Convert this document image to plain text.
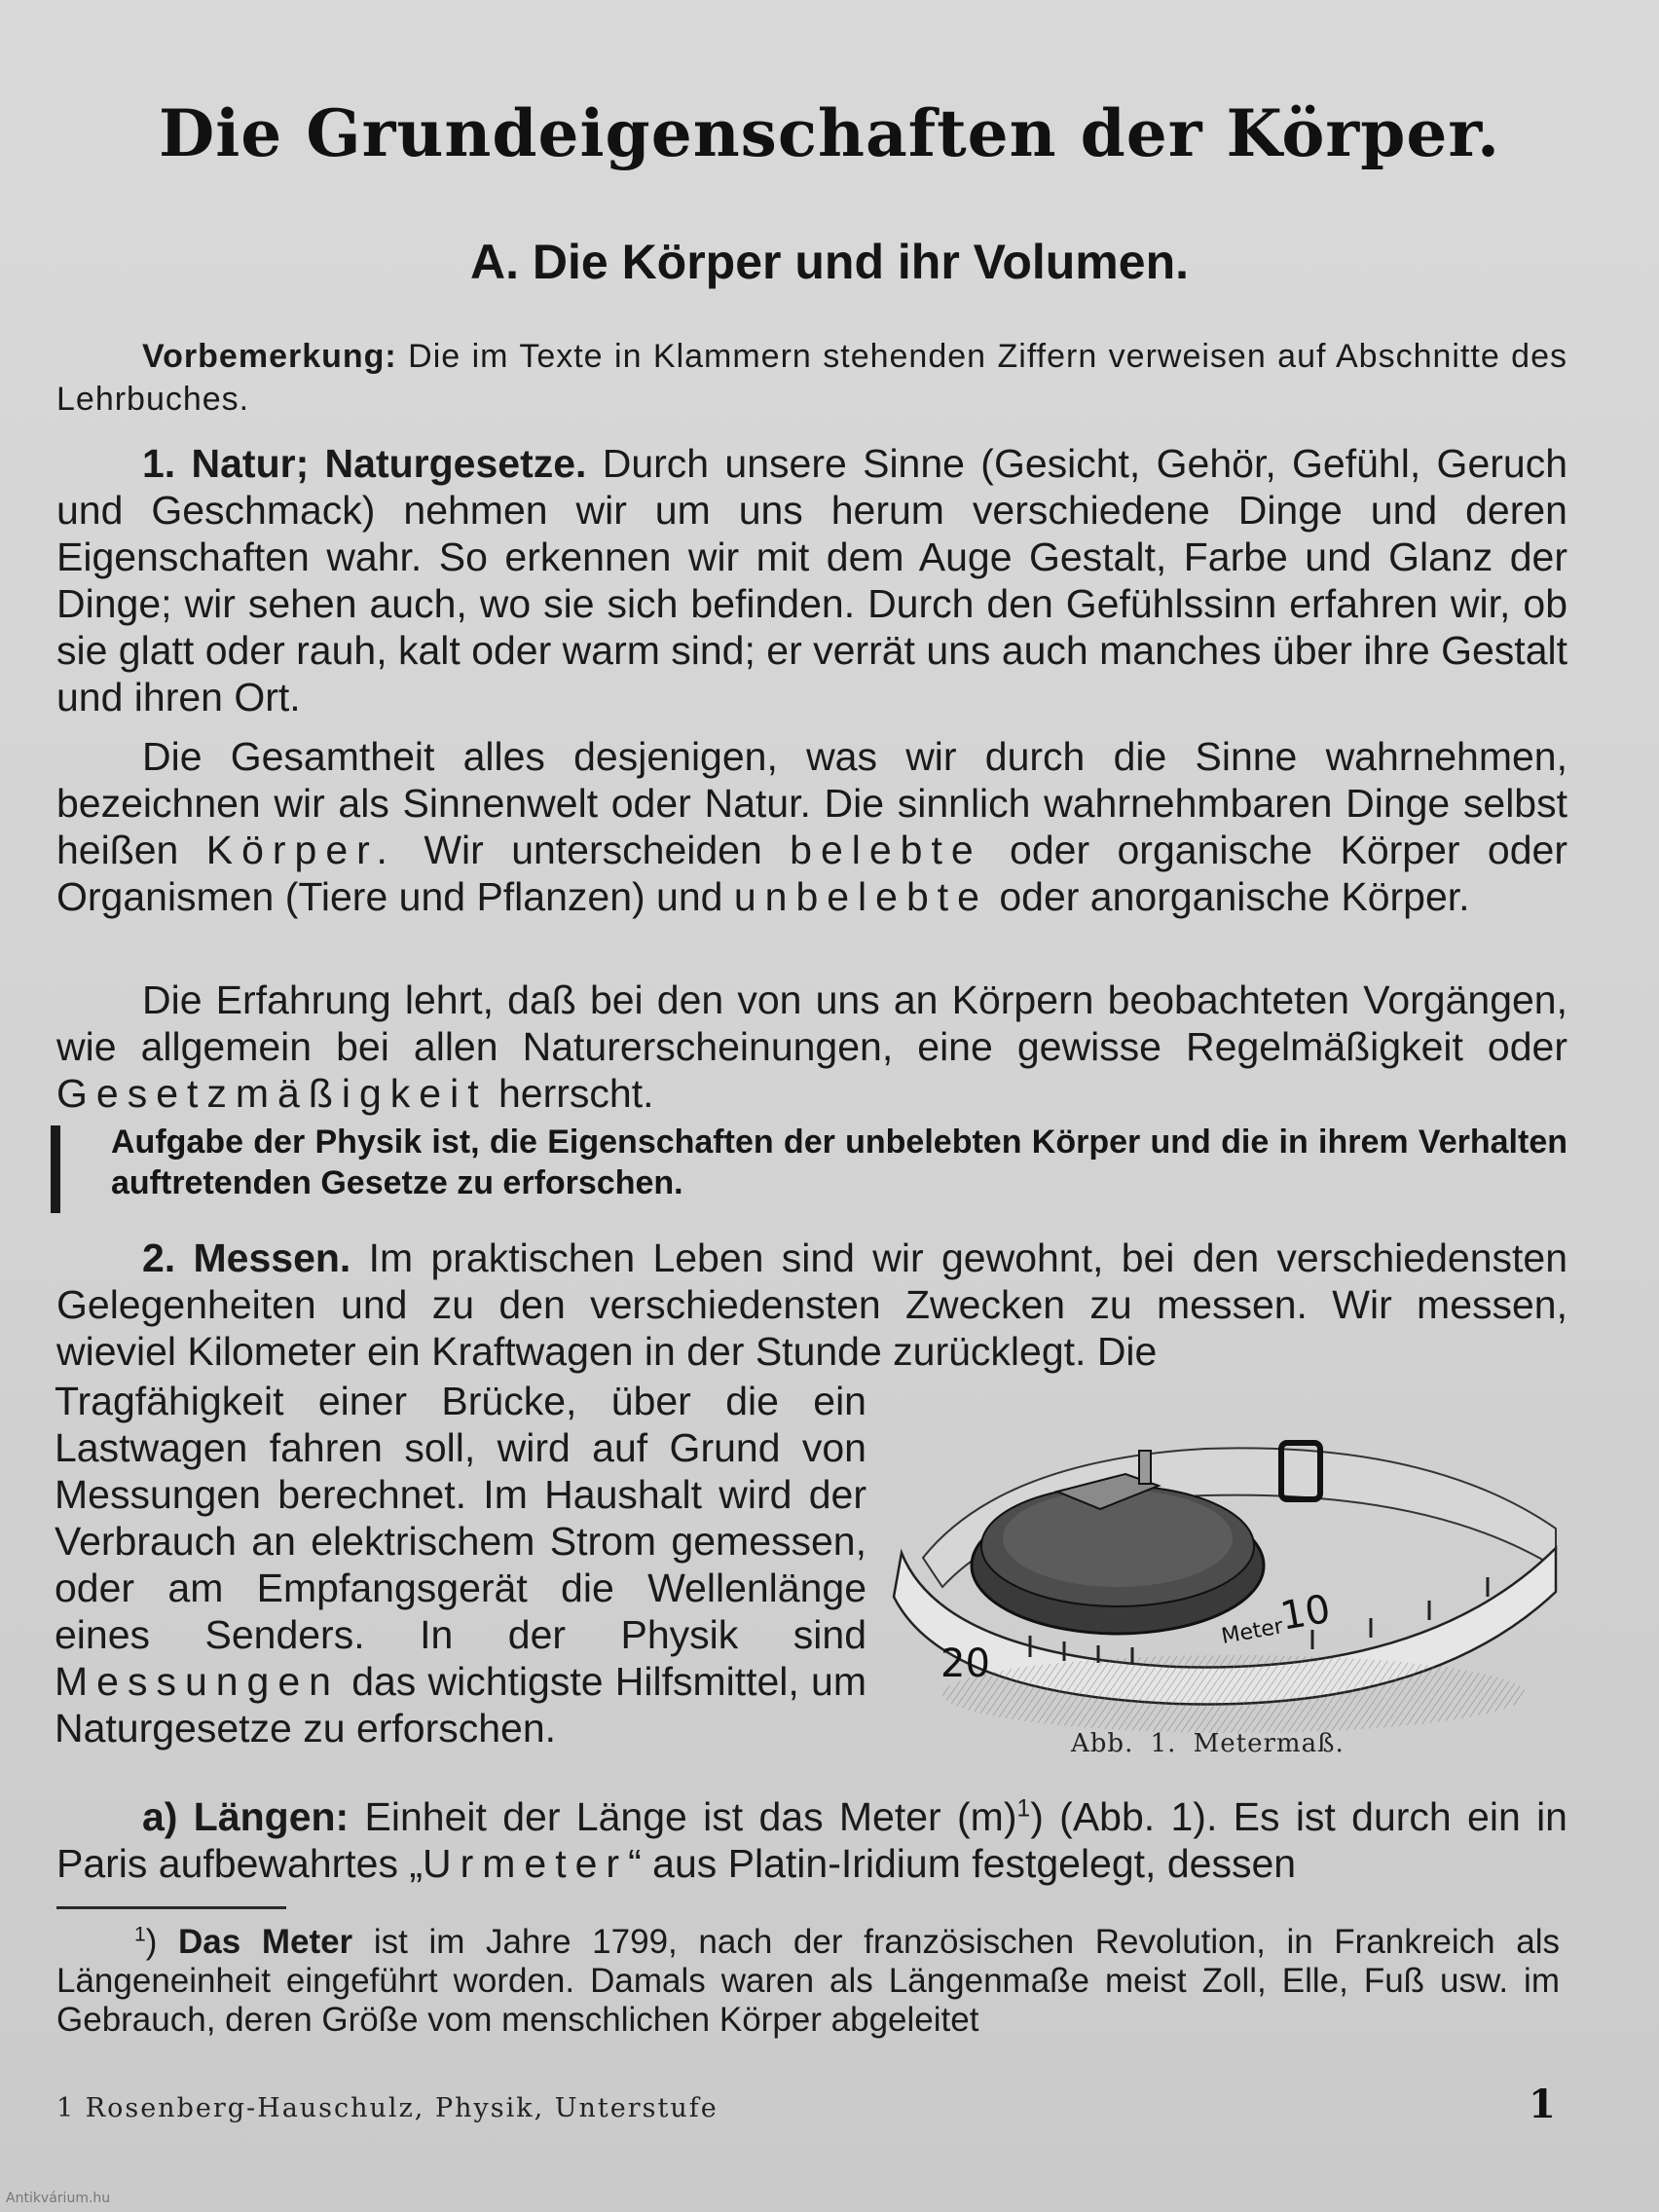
Die Grundeigenschaften der Körper.
A. Die Körper und ihr Volumen.
Vorbemerkung: Die im Texte in Klammern stehenden Ziffern verweisen auf Abschnitte des Lehrbuches.
1. Natur; Naturgesetze. Durch unsere Sinne (Gesicht, Gehör, Gefühl, Geruch und Geschmack) nehmen wir um uns herum verschiedene Dinge und deren Eigenschaften wahr. So erkennen wir mit dem Auge Gestalt, Farbe und Glanz der Dinge; wir sehen auch, wo sie sich befinden. Durch den Gefühlssinn erfahren wir, ob sie glatt oder rauh, kalt oder warm sind; er verrät uns auch manches über ihre Gestalt und ihren Ort.
Die Gesamtheit alles desjenigen, was wir durch die Sinne wahrnehmen, bezeichnen wir als Sinnenwelt oder Natur. Die sinnlich wahrnehmbaren Dinge selbst heißen Körper. Wir unterscheiden belebte oder organische Körper oder Organismen (Tiere und Pflanzen) und unbelebte oder anorganische Körper.
Die Erfahrung lehrt, daß bei den von uns an Körpern beobachteten Vorgängen, wie allgemein bei allen Naturerscheinungen, eine gewisse Regelmäßigkeit oder Gesetzmäßigkeit herrscht.
Aufgabe der Physik ist, die Eigenschaften der unbelebten Körper und die in ihrem Verhalten auftretenden Gesetze zu erforschen.
2. Messen. Im praktischen Leben sind wir gewohnt, bei den verschiedensten Gelegenheiten und zu den verschiedensten Zwecken zu messen. Wir messen, wieviel Kilometer ein Kraftwagen in der Stunde zurücklegt. Die
Tragfähigkeit einer Brücke, über die ein Lastwagen fahren soll, wird auf Grund von Messungen berechnet. Im Haushalt wird der Verbrauch an elektrischem Strom gemessen, oder am Empfangsgerät die Wellenlänge eines Senders. In der Physik sind Messungen das wichtigste Hilfsmittel, um Naturgesetze zu erforschen.
20
Meter
10
Abb. 1. Metermaß.
a) Längen: Einheit der Länge ist das Meter $(m)^1$) (Abb. 1). Es ist durch ein in Paris aufbewahrtes „Urmeter“ aus Platin-Iridium festgelegt, dessen
$^1$) Das Meter ist im Jahre 1799, nach der französischen Revolution, in Frankreich als Längeneinheit eingeführt worden. Damals waren als Längenmaße meist Zoll, Elle, Fuß usw. im Gebrauch, deren Größe vom menschlichen Körper abgeleitet
1 Rosenberg-Hauschulz, Physik, Unterstufe	1
Antikvárium.hu
